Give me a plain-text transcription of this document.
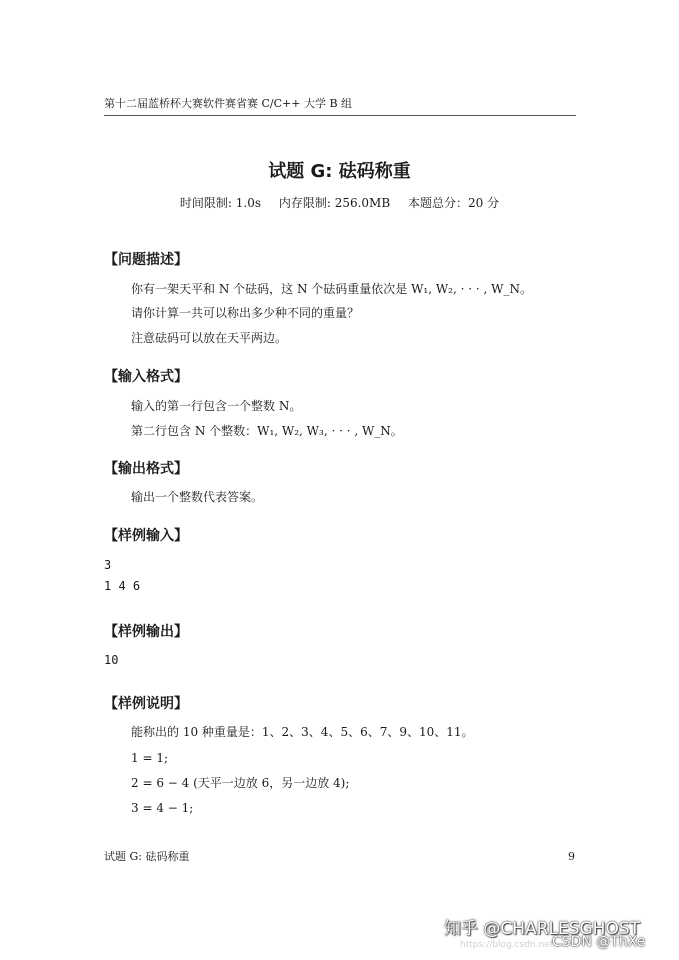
第十二届蓝桥杯大赛软件赛省赛 C/C++ 大学 B 组
试题 G: 砝码称重
时间限制: 1.0s 内存限制: 256.0MB 本题总分：20 分
【问题描述】
你有一架天平和 N 个砝码，这 N 个砝码重量依次是 W₁, W₂, · · · , W_N。
请你计算一共可以称出多少种不同的重量？
注意砝码可以放在天平两边。
【输入格式】
输入的第一行包含一个整数 N。
第二行包含 N 个整数：W₁, W₂, W₃, · · · , W_N。
【输出格式】
输出一个整数代表答案。
【样例输入】
3
1 4 6
【样例输出】
10
【样例说明】
能称出的 10 种重量是：1、2、3、4、5、6、7、9、10、11。
1 = 1;
2 = 6 − 4 (天平一边放 6，另一边放 4);
3 = 4 − 1;
试题 G: 砝码称重	9
https://blog.csdn.net
知乎 @CHARLESGHOST
CSDN @ThXe
